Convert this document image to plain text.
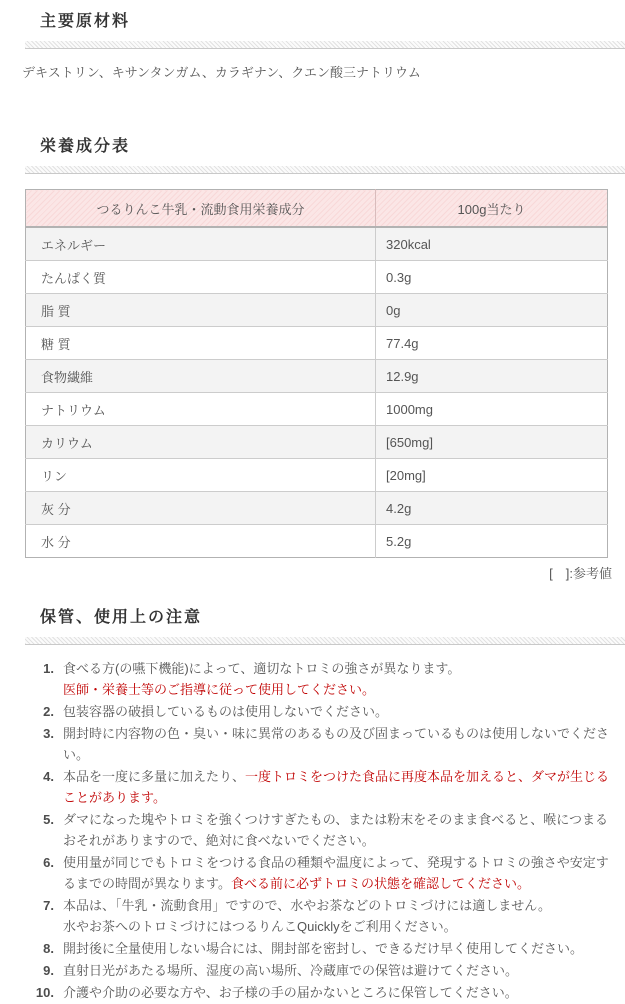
主要原材料

デキストリン、キサンタンガム、カラギナン、クエン酸三ナトリウム

栄養成分表
つるりんこ牛乳・流動食用栄養成分	100g当たり
エネルギー	320kcal
たんぱく質	0.3g
脂 質	0g
糖 質	77.4g
食物繊維	12.9g
ナトリウム	1000mg
カリウム	[650mg]
リン	[20mg]
灰 分	4.2g
水 分	5.2g
[　]:参考値
保管、使用上の注意
1. 食べる方(の嚥下機能)によって、適切なトロミの強さが異なります。
医師・栄養士等のご指導に従って使用してください。
2. 包装容器の破損しているものは使用しないでください。
3. 開封時に内容物の色・臭い・味に異常のあるもの及び固まっているものは使用しないでください。
4. 本品を一度に多量に加えたり、一度トロミをつけた食品に再度本品を加えると、ダマが生じることがあります。
5. ダマになった塊やトロミを強くつけすぎたもの、または粉末をそのまま食べると、喉につまるおそれがありますので、絶対に食べないでください。
6. 使用量が同じでもトロミをつける食品の種類や温度によって、発現するトロミの強さや安定するまでの時間が異なります。食べる前に必ずトロミの状態を確認してください。
7. 本品は、「牛乳・流動食用」ですので、水やお茶などのトロミづけには適しません。
水やお茶へのトロミづけにはつるりんこQuicklyをご利用ください。
8. 開封後に全量使用しない場合には、開封部を密封し、できるだけ早く使用してください。
9. 直射日光があたる場所、湿度の高い場所、冷蔵庫での保管は避けてください。
10. 介護や介助の必要な方や、お子様の手の届かないところに保管してください。
